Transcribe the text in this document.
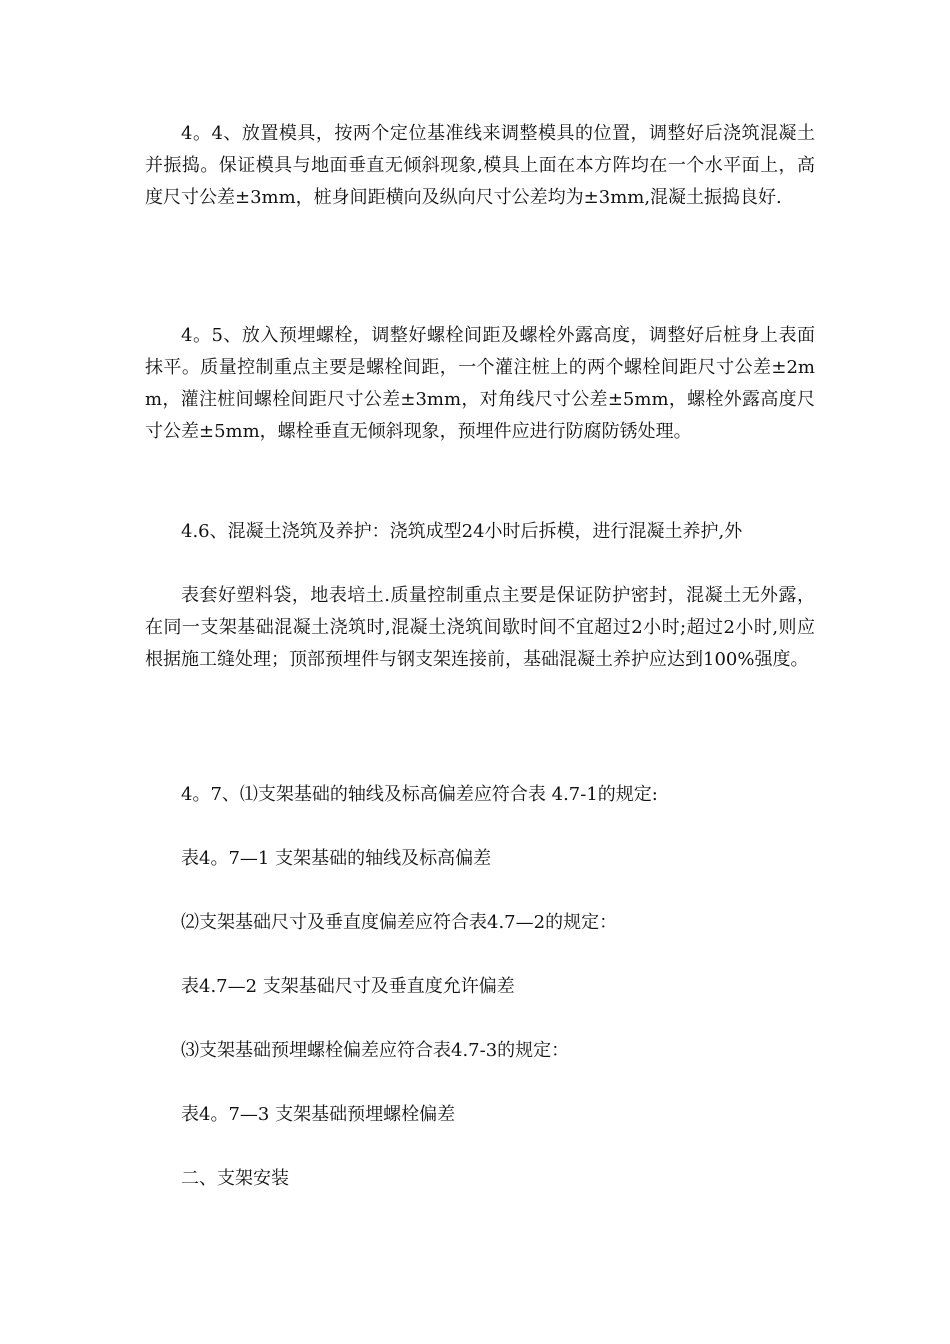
4。4、放置模具，按两个定位基准线来调整模具的位置，调整好后浇筑混凝土并振捣。保证模具与地面垂直无倾斜现象,模具上面在本方阵均在一个水平面上，高度尺寸公差±3mm，桩身间距横向及纵向尺寸公差均为±3mm,混凝土振捣良好.

4。5、放入预埋螺栓，调整好螺栓间距及螺栓外露高度，调整好后桩身上表面抹平。质量控制重点主要是螺栓间距，一个灌注桩上的两个螺栓间距尺寸公差±2mm，灌注桩间螺栓间距尺寸公差±3mm，对角线尺寸公差±5mm，螺栓外露高度尺寸公差±5mm，螺栓垂直无倾斜现象，预埋件应进行防腐防锈处理。

4.6、混凝土浇筑及养护：浇筑成型24小时后拆模，进行混凝土养护,外

表套好塑料袋，地表培土.质量控制重点主要是保证防护密封，混凝土无外露，在同一支架基础混凝土浇筑时,混凝土浇筑间歇时间不宜超过2小时;超过2小时,则应根据施工缝处理；顶部预埋件与钢支架连接前，基础混凝土养护应达到100%强度。

4。7、⑴支架基础的轴线及标高偏差应符合表 4.7-1的规定:

表4。7—1 支架基础的轴线及标高偏差

⑵支架基础尺寸及垂直度偏差应符合表4.7—2的规定：

表4.7—2 支架基础尺寸及垂直度允许偏差

⑶支架基础预埋螺栓偏差应符合表4.7-3的规定：

表4。7—3 支架基础预埋螺栓偏差

二、支架安装
